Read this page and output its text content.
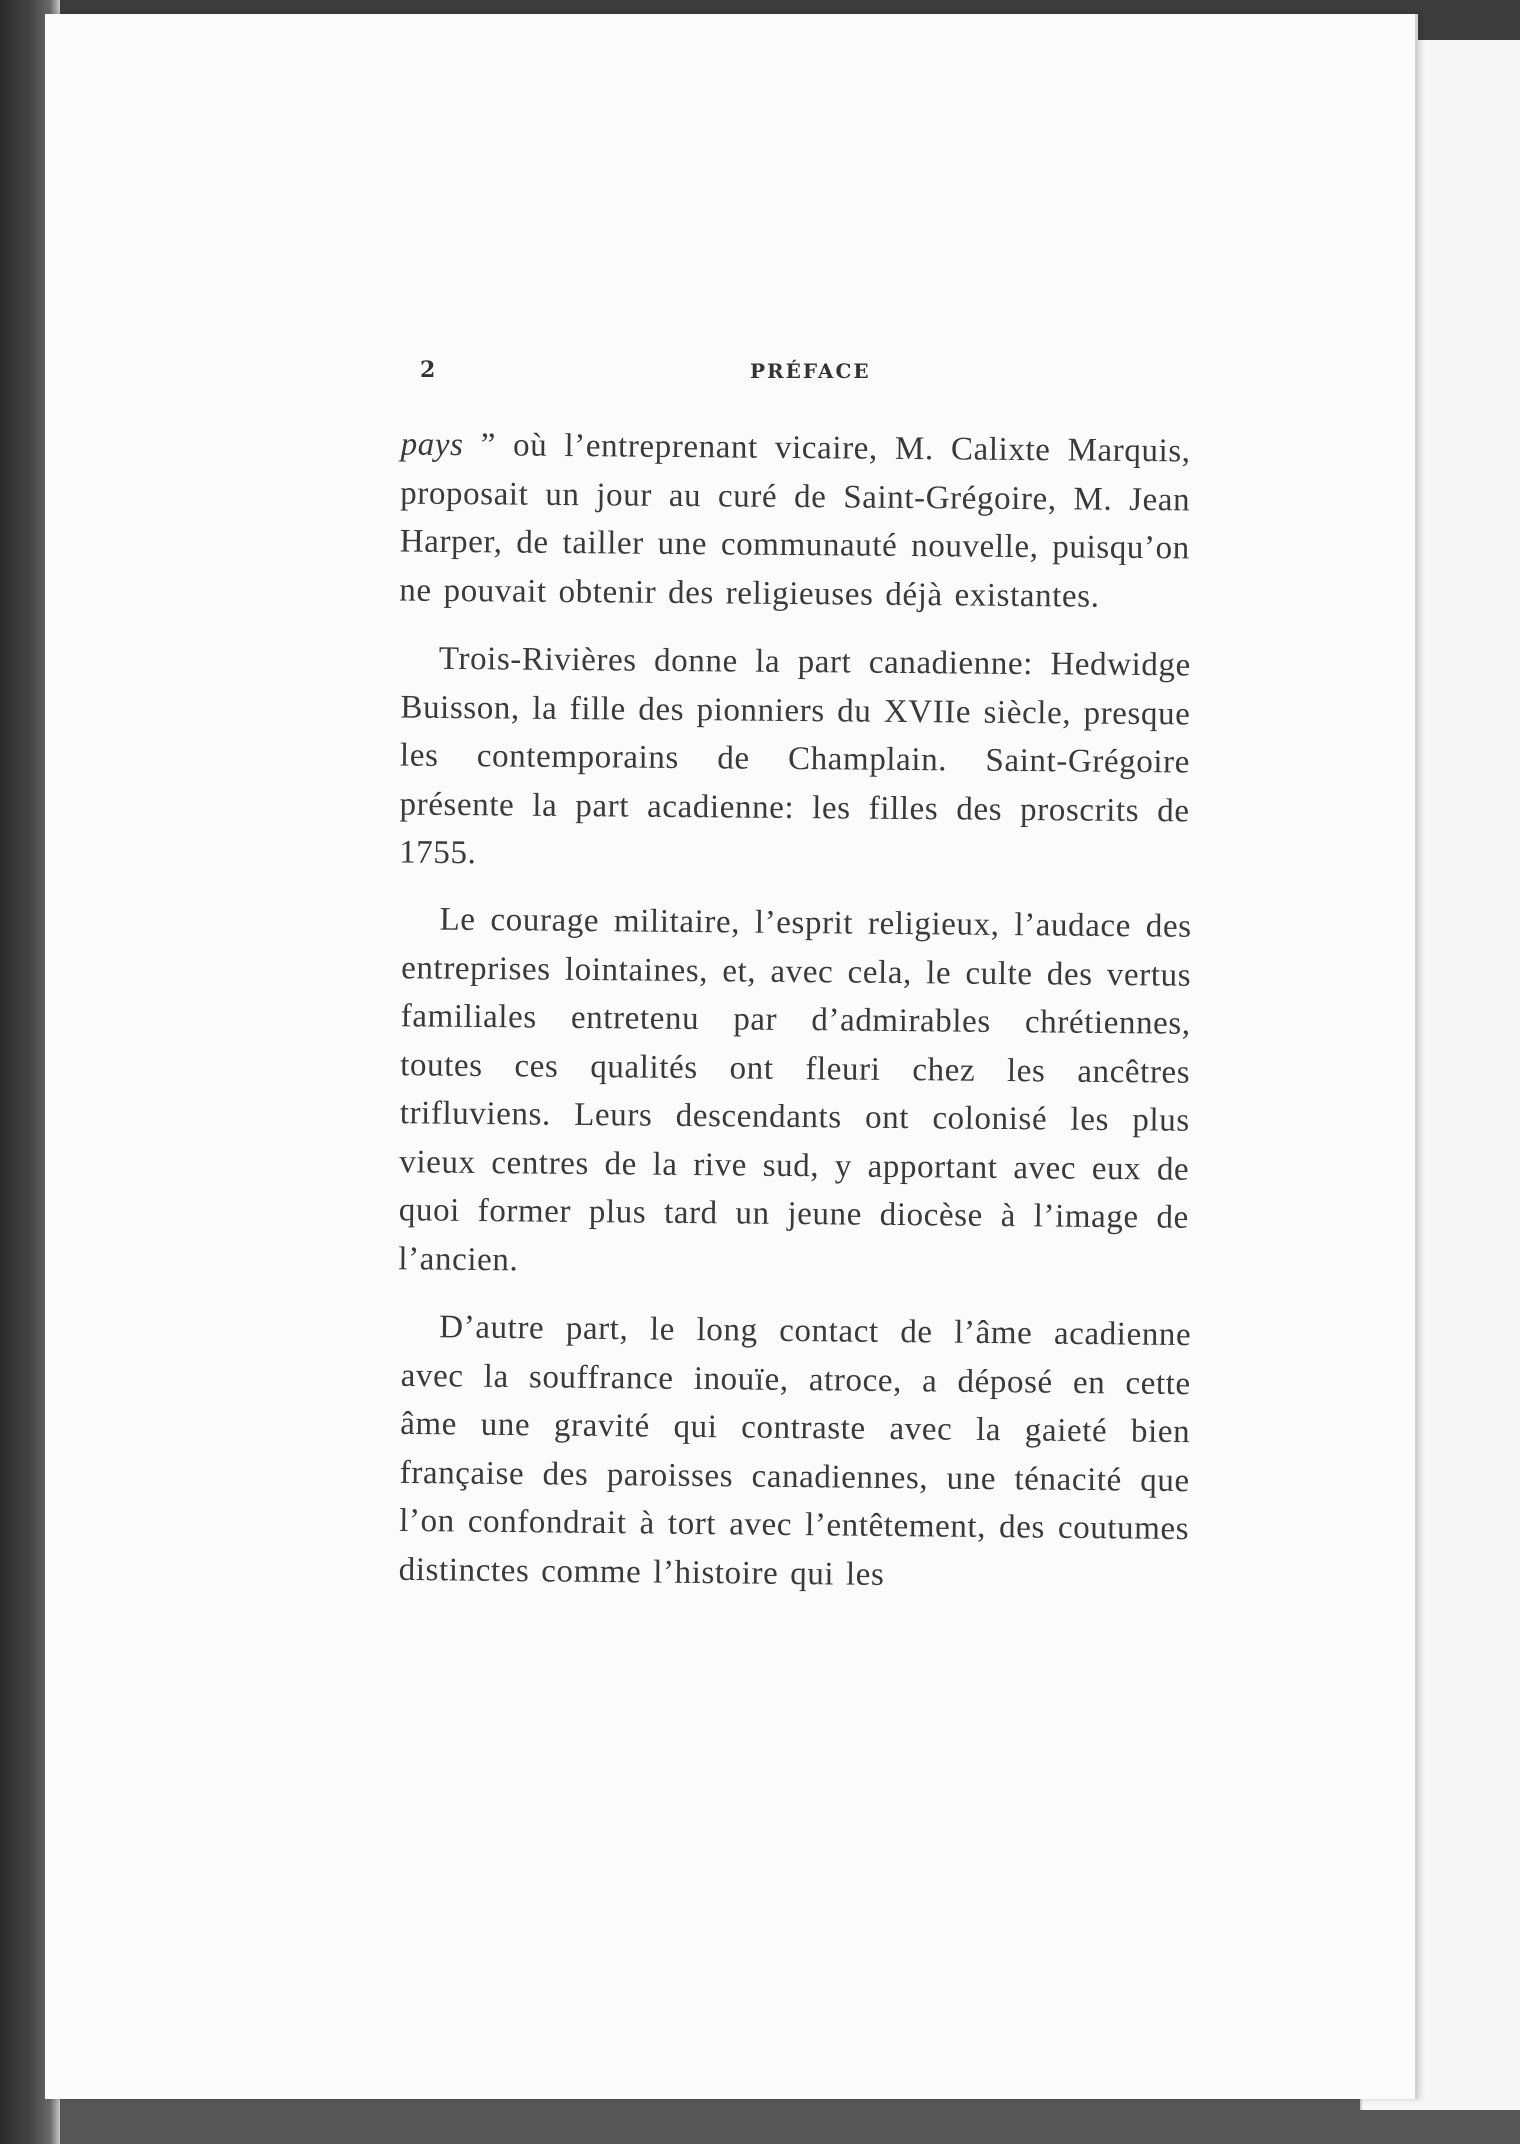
2	PRÉFACE

pays ” où l’entreprenant vicaire, M. Calixte Marquis, proposait un jour au curé de Saint-Grégoire, M. Jean Harper, de tailler une communauté nouvelle, puisqu’on ne pouvait obtenir des religieuses déjà existantes.

Trois-Rivières donne la part canadienne: Hedwidge Buisson, la fille des pionniers du XVIIe siècle, presque les contemporains de Champlain. Saint-Grégoire présente la part acadienne: les filles des proscrits de 1755.

Le courage militaire, l’esprit religieux, l’audace des entreprises lointaines, et, avec cela, le culte des vertus familiales entretenu par d’admirables chrétiennes, toutes ces qualités ont fleuri chez les ancêtres trifluviens. Leurs descendants ont colonisé les plus vieux centres de la rive sud, y apportant avec eux de quoi former plus tard un jeune diocèse à l’image de l’ancien.

D’autre part, le long contact de l’âme acadienne avec la souffrance inouïe, atroce, a déposé en cette âme une gravité qui contraste avec la gaieté bien française des paroisses canadiennes, une ténacité que l’on confondrait à tort avec l’entêtement, des coutumes distinctes comme l’histoire qui les
